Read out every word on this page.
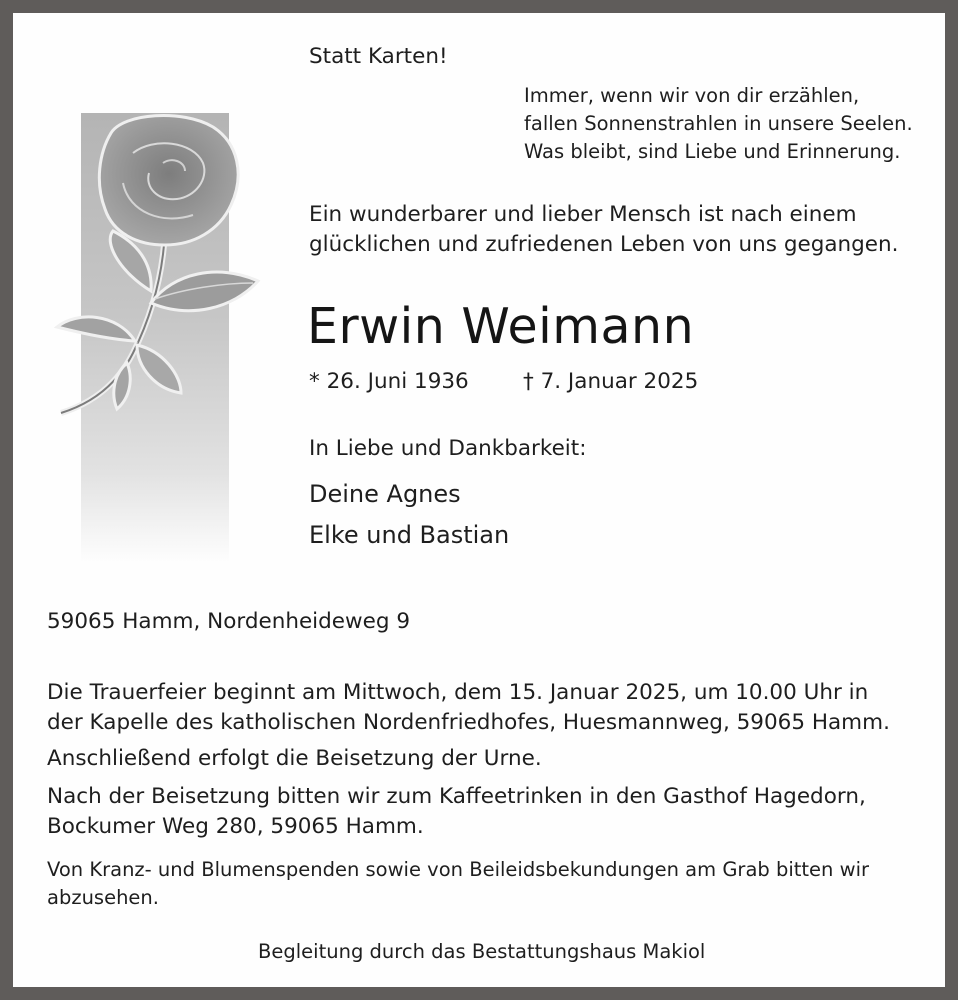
Statt Karten!
Immer, wenn wir von dir erzählen,
fallen Sonnenstrahlen in unsere Seelen.
Was bleibt, sind Liebe und Erinnerung.
Ein wunderbarer und lieber Mensch ist nach einem
glücklichen und zufriedenen Leben von uns gegangen.
Erwin Weimann
* 26. Juni 1936	† 7. Januar 2025
In Liebe und Dankbarkeit:
Deine Agnes
Elke und Bastian
59065 Hamm, Nordenheideweg 9
Die Trauerfeier beginnt am Mittwoch, dem 15. Januar 2025, um 10.00 Uhr in
der Kapelle des katholischen Nordenfriedhofes, Huesmannweg, 59065 Hamm.
Anschließend erfolgt die Beisetzung der Urne.
Nach der Beisetzung bitten wir zum Kaffeetrinken in den Gasthof Hagedorn,
Bockumer Weg 280, 59065 Hamm.
Von Kranz- und Blumenspenden sowie von Beileidsbekundungen am Grab bitten wir
abzusehen.
Begleitung durch das Bestattungshaus Makiol
